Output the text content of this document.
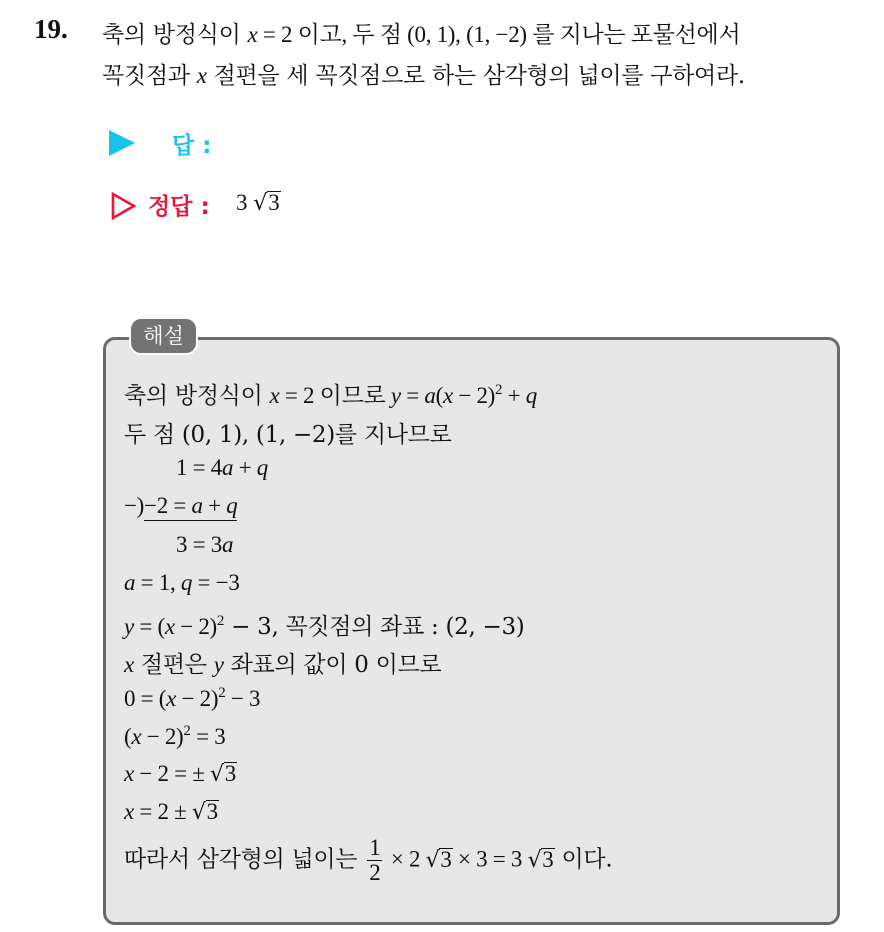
19. 축의 방정식이 x = 2 이고, 두 점 (0, 1), (1, −2) 를 지나는 포물선에서
꼭짓점과 x 절편을 세 꼭짓점으로 하는 삼각형의 넓이를 구하여라.
답 :
정답 : 3 √3
해설
축의 방정식이 x = 2 이므로 $y = a(x - 2)^2 + q$
두 점 (0, 1), (1, −2)를 지나므로
1 = 4a + q
−)−2 = a + q
3 = 3a
a = 1, q = −3
$y = (x - 2)^2 - 3$, 꼭짓점의 좌표 : (2, −3)
x 절편은 y 좌표의 값이 0 이므로
$0 = (x - 2)^2 - 3$
$(x - 2)^2 = 3$
x − 2 = ± √3
x = 2 ± √3
따라서 삼각형의 넓이는 $\frac{1}{2} \times 2$ √3 × 3 = 3 √3 이다.
